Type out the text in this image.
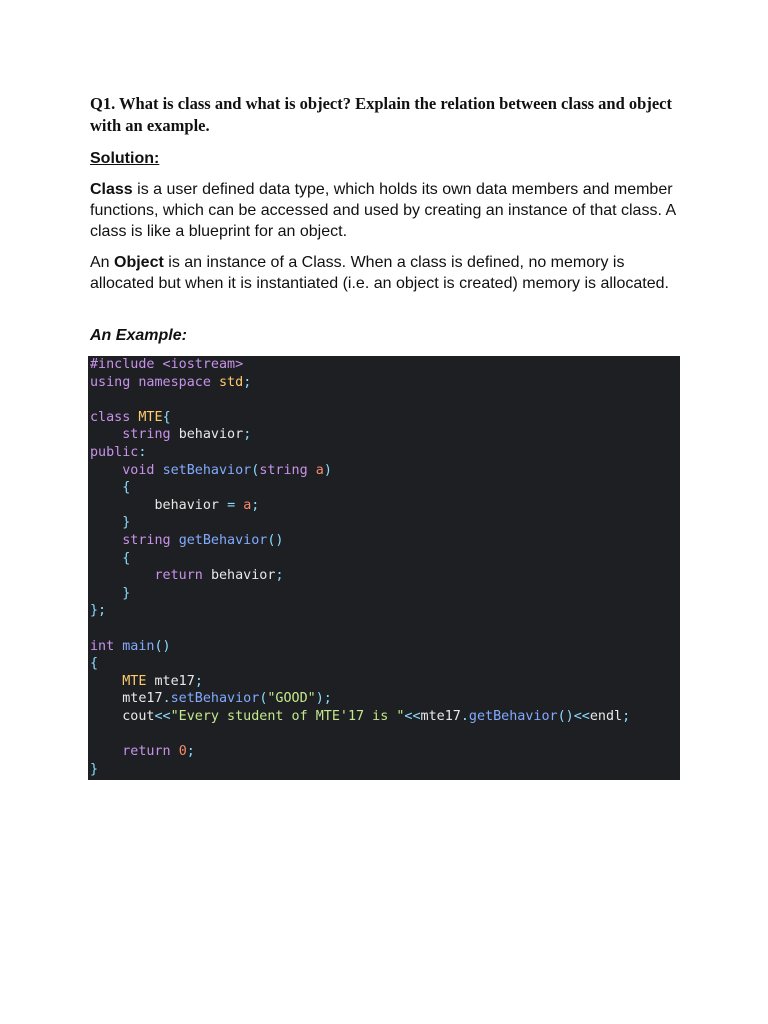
Q1. What is class and what is object? Explain the relation between class and object with an example.

Solution:

Class is a user defined data type, which holds its own data members and member functions, which can be accessed and used by creating an instance of that class. A class is like a blueprint for an object.

An Object is an instance of a Class. When a class is defined, no memory is allocated but when it is instantiated (i.e. an object is created) memory is allocated.

An Example:

#include <iostream>
using namespace std;

class MTE{
string behavior;
public:
void setBehavior(string a)
{
behavior = a;
}
string getBehavior()
{
return behavior;
}
};

int main()
{
MTE mte17;
mte17.setBehavior("GOOD");
cout<<"Every student of MTE'17 is "<<mte17.getBehavior()<<endl;

return 0;
}
